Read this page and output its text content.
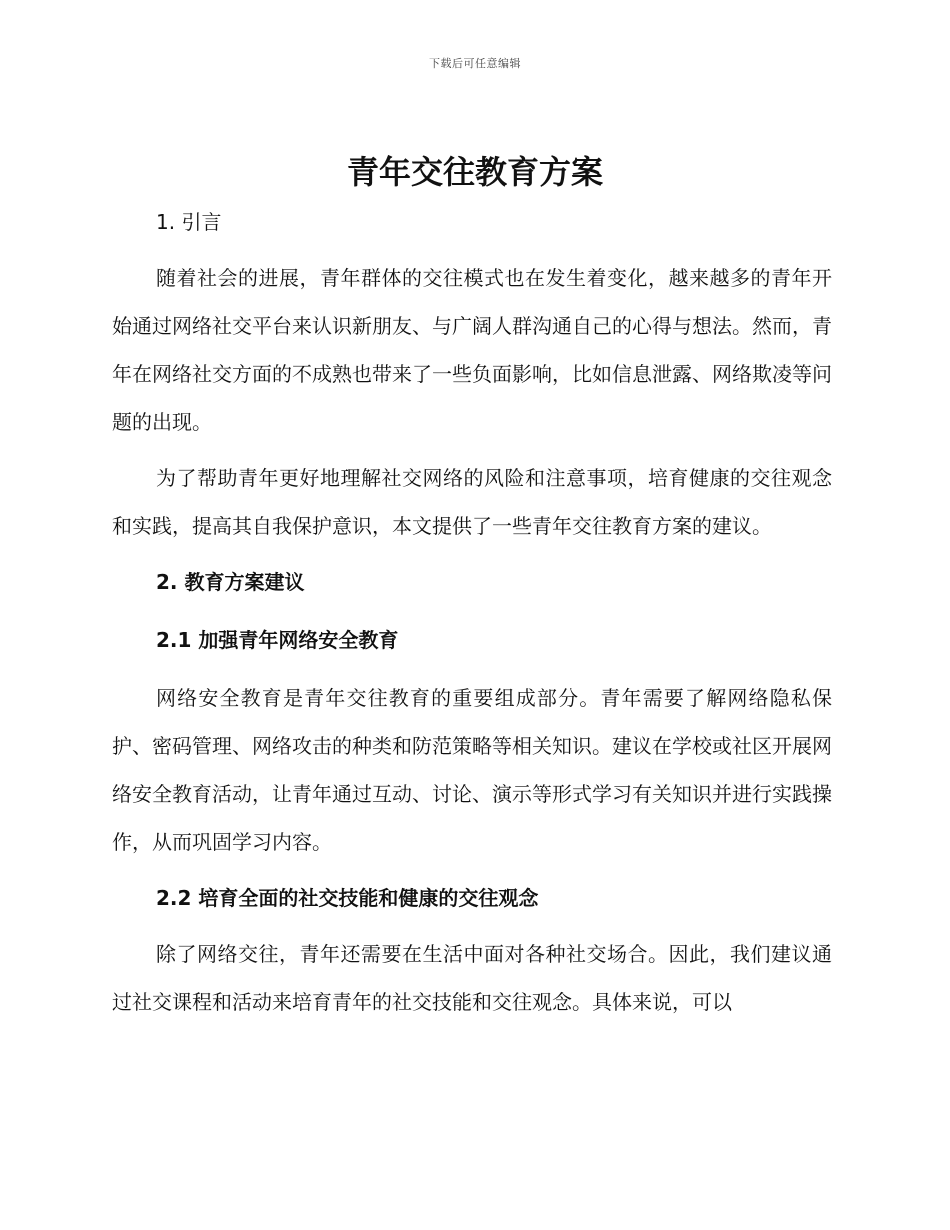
下载后可任意编辑
青年交往教育方案
1. 引言

随着社会的进展，青年群体的交往模式也在发生着变化，越来越多的青年开始通过网络社交平台来认识新朋友、与广阔人群沟通自己的心得与想法。然而，青年在网络社交方面的不成熟也带来了一些负面影响，比如信息泄露、网络欺凌等问题的出现。

为了帮助青年更好地理解社交网络的风险和注意事项，培育健康的交往观念和实践，提高其自我保护意识，本文提供了一些青年交往教育方案的建议。

2. 教育方案建议
2.1 加强青年网络安全教育

网络安全教育是青年交往教育的重要组成部分。青年需要了解网络隐私保护、密码管理、网络攻击的种类和防范策略等相关知识。建议在学校或社区开展网络安全教育活动，让青年通过互动、讨论、演示等形式学习有关知识并进行实践操作，从而巩固学习内容。

2.2 培育全面的社交技能和健康的交往观念

除了网络交往，青年还需要在生活中面对各种社交场合。因此，我们建议通过社交课程和活动来培育青年的社交技能和交往观念。具体来说，可以
